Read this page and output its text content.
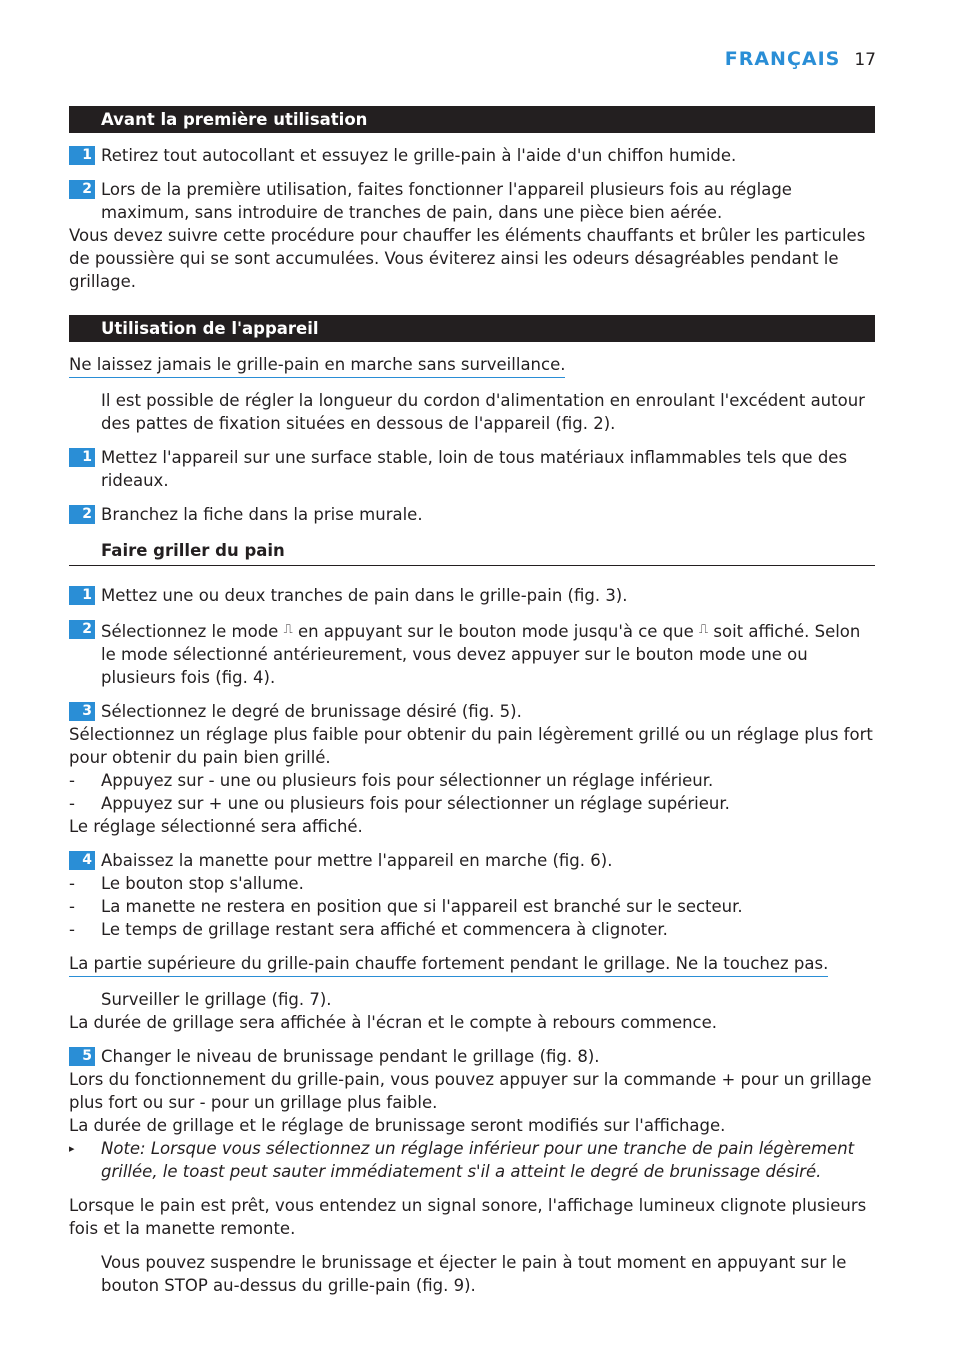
FRANÇAIS 17
Avant la première utilisation
1 Retirez tout autocollant et essuyez le grille-pain à l'aide d'un chiffon humide.
2 Lors de la première utilisation, faites fonctionner l'appareil plusieurs fois au réglage maximum, sans introduire de tranches de pain, dans une pièce bien aérée.

Vous devez suivre cette procédure pour chauffer les éléments chauffants et brûler les particules de poussière qui se sont accumulées. Vous éviterez ainsi les odeurs désagréables pendant le grillage.

Utilisation de l'appareil
Ne laissez jamais le grille-pain en marche sans surveillance.

Il est possible de régler la longueur du cordon d'alimentation en enroulant l'excédent autour des pattes de fixation situées en dessous de l'appareil (fig. 2).

1 Mettez l'appareil sur une surface stable, loin de tous matériaux inflammables tels que des rideaux.
2 Branchez la fiche dans la prise murale.
Faire griller du pain
1 Mettez une ou deux tranches de pain dans le grille-pain (fig. 3).
2 Sélectionnez le mode ⎍ en appuyant sur le bouton mode jusqu'à ce que ⎍ soit affiché. Selon le mode sélectionné antérieurement, vous devez appuyer sur le bouton mode une ou plusieurs fois (fig. 4).
3 Sélectionnez le degré de brunissage désiré (fig. 5).

Sélectionnez un réglage plus faible pour obtenir du pain légèrement grillé ou un réglage plus fort pour obtenir du pain bien grillé.

-	Appuyez sur - une ou plusieurs fois pour sélectionner un réglage inférieur.
-	Appuyez sur + une ou plusieurs fois pour sélectionner un réglage supérieur.

Le réglage sélectionné sera affiché.

4 Abaissez la manette pour mettre l'appareil en marche (fig. 6).
-	Le bouton stop s'allume.
-	La manette ne restera en position que si l'appareil est branché sur le secteur.
-	Le temps de grillage restant sera affiché et commencera à clignoter.
La partie supérieure du grille-pain chauffe fortement pendant le grillage. Ne la touchez pas.

Surveiller le grillage (fig. 7).

La durée de grillage sera affichée à l'écran et le compte à rebours commence.

5 Changer le niveau de brunissage pendant le grillage (fig. 8).

Lors du fonctionnement du grille-pain, vous pouvez appuyer sur la commande + pour un grillage plus fort ou sur - pour un grillage plus faible.

La durée de grillage et le réglage de brunissage seront modifiés sur l'affichage.

▸	Note: Lorsque vous sélectionnez un réglage inférieur pour une tranche de pain légèrement grillée, le toast peut sauter immédiatement s'il a atteint le degré de brunissage désiré.

Lorsque le pain est prêt, vous entendez un signal sonore, l'affichage lumineux clignote plusieurs fois et la manette remonte.

Vous pouvez suspendre le brunissage et éjecter le pain à tout moment en appuyant sur le bouton STOP au-dessus du grille-pain (fig. 9).
